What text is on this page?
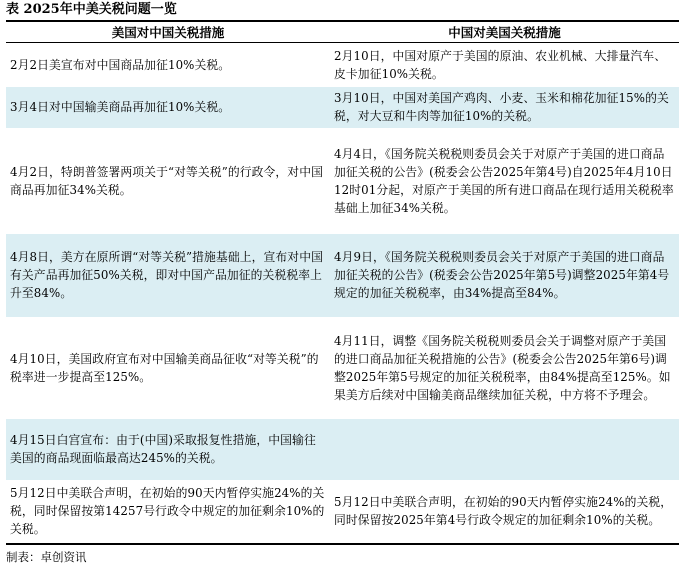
表 2025年中美关税问题一览
美国对中国关税措施	中国对美国关税措施
2月2日美宣布对中国商品加征10%关税。	2月10日，中国对原产于美国的原油、农业机械、大排量汽车、皮卡加征10%关税。
3月4日对中国输美商品再加征10%关税。	3月10日，中国对美国产鸡肉、小麦、玉米和棉花加征15%的关税，对大豆和牛肉等加征10%的关税。
4月2日，特朗普签署两项关于“对等关税”的行政令，对中国商品再加征34%关税。	4月4日，《国务院关税税则委员会关于对原产于美国的进口商品加征关税的公告》(税委会公告2025年第4号)自2025年4月10日12时01分起，对原产于美国的所有进口商品在现行适用关税税率基础上加征34%关税。
4月8日，美方在原所谓“对等关税”措施基础上，宣布对中国有关产品再加征50%关税，即对中国产品加征的关税税率上升至84%。	4月9日，《国务院关税税则委员会关于对原产于美国的进口商品加征关税的公告》(税委会公告2025年第5号)调整2025年第4号规定的加征关税税率，由34%提高至84%。
4月10日，美国政府宣布对中国输美商品征收“对等关税”的税率进一步提高至125%。	4月11日，调整《国务院关税税则委员会关于调整对原产于美国的进口商品加征关税措施的公告》(税委会公告2025年第6号)调整2025年第5号规定的加征关税税率，由84%提高至125%。如果美方后续对中国输美商品继续加征关税，中方将不予理会。
4月15日白宫宣布：由于(中国)采取报复性措施，中国输往美国的商品现面临最高达245%的关税。	
5月12日中美联合声明，在初始的90天内暂停实施24%的关税，同时保留按第14257号行政令中规定的加征剩余10%的关税。	5月12日中美联合声明，在初始的90天内暂停实施24%的关税，同时保留按2025年第4号行政令规定的加征剩余10%的关税。
制表：卓创资讯
